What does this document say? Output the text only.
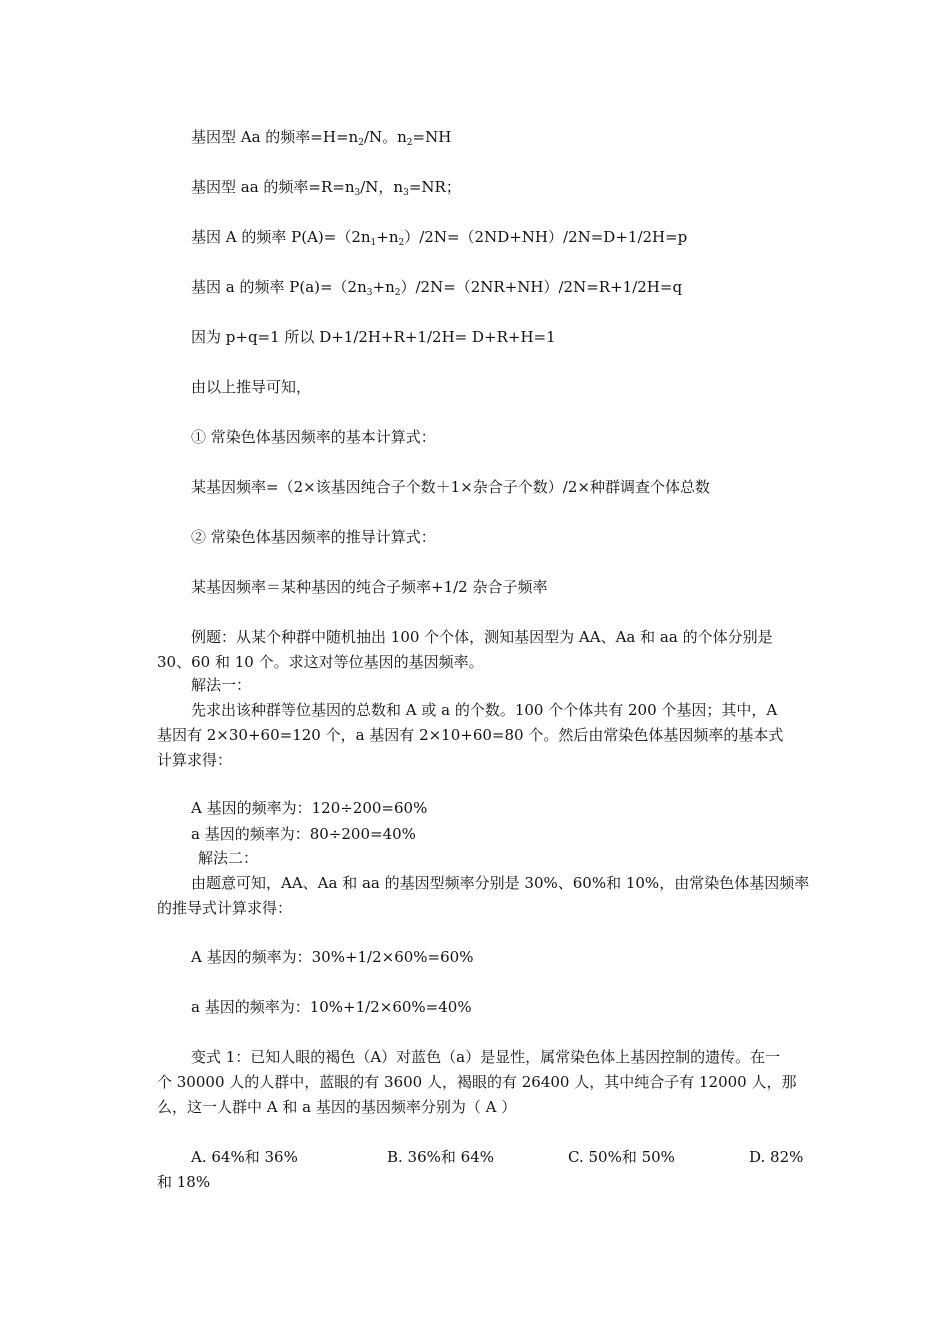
基因型 Aa 的频率$=H=n_2/N$。$n_2=NH$
基因型 aa 的频率$=R=n_3/N$，$n_3=NR$；
基因 A 的频率 $P(A)=(2n_1+n_2)/2N=(2ND+NH)/2N=D+1/2H=p$
基因 a 的频率 $P(a)=(2n_3+n_2)/2N=(2NR+NH)/2N=R+1/2H=q$
因为 p+q=1 所以 D+1/2H+R+1/2H= D+R+H=1
由以上推导可知，
① 常染色体基因频率的基本计算式：
某基因频率=（2×该基因纯合子个数＋1×杂合子个数）/2×种群调查个体总数
② 常染色体基因频率的推导计算式：
某基因频率＝某种基因的纯合子频率+1/2 杂合子频率
例题：从某个种群中随机抽出 100 个个体，测知基因型为 AA、Aa 和 aa 的个体分别是
30、60 和 10 个。求这对等位基因的基因频率。
解法一：
先求出该种群等位基因的总数和 A 或 a 的个数。100 个个体共有 200 个基因；其中，A
基因有 2×30+60=120 个，a 基因有 2×10+60=80 个。然后由常染色体基因频率的基本式
计算求得：
A 基因的频率为：120÷200=60%
a 基因的频率为：80÷200=40%
解法二：
由题意可知，AA、Aa 和 aa 的基因型频率分别是 30%、60%和 10%，由常染色体基因频率
的推导式计算求得：
A 基因的频率为：30%+1/2×60%=60%
a 基因的频率为：10%+1/2×60%=40%
变式 1：已知人眼的褐色（A）对蓝色（a）是显性，属常染色体上基因控制的遗传。在一
个 30000 人的人群中，蓝眼的有 3600 人，褐眼的有 26400 人，其中纯合子有 12000 人，那
么，这一人群中 A 和 a 基因的基因频率分别为（ A ）
A. 64%和 36%	B. 36%和 64%	C. 50%和 50%	D. 82%
和 18%
